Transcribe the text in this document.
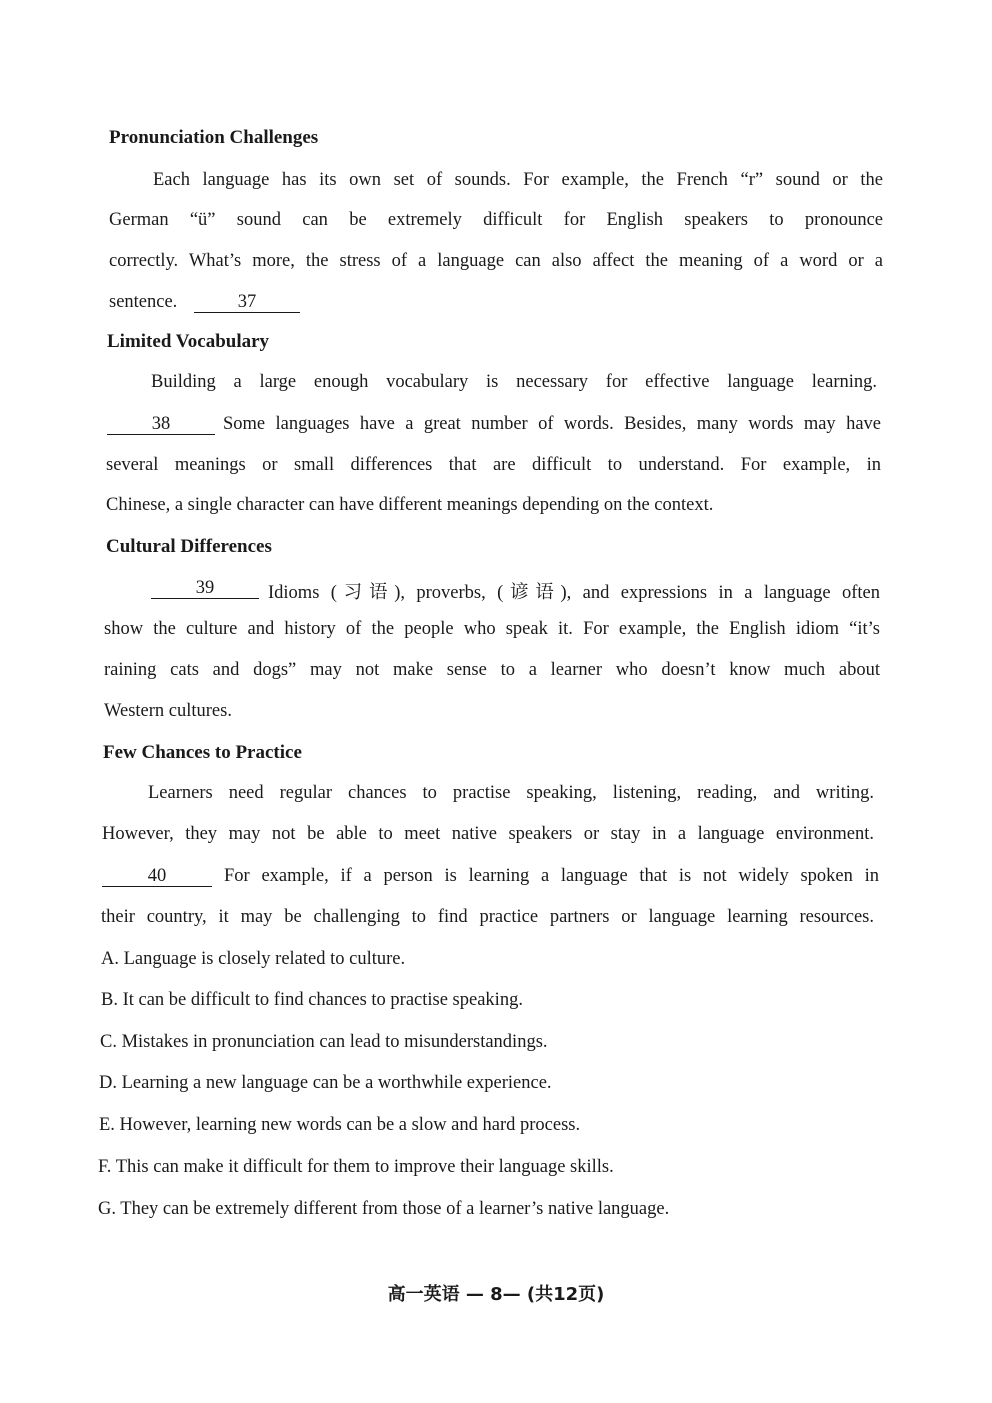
Pronunciation Challenges
Each language has its own set of sounds. For example, the French “r” sound or the
German “ü” sound can be extremely difficult for English speakers to pronounce
correctly. What’s more, the stress of a language can also affect the meaning of a word or a
sentence.	37
Limited Vocabulary
Building a large enough vocabulary is necessary for effective language learning.
38	Some languages have a great number of words. Besides, many words may have
several meanings or small differences that are difficult to understand. For example, in
Chinese, a single character can have different meanings depending on the context.
Cultural Differences
39	Idioms (习语), proverbs, (谚语), and expressions in a language often
show the culture and history of the people who speak it. For example, the English idiom “it’s
raining cats and dogs” may not make sense to a learner who doesn’t know much about
Western cultures.
Few Chances to Practice
Learners need regular chances to practise speaking, listening, reading, and writing.
However, they may not be able to meet native speakers or stay in a language environment.
40	For example, if a person is learning a language that is not widely spoken in
their country, it may be challenging to find practice partners or language learning resources.
A. Language is closely related to culture.
B. It can be difficult to find chances to practise speaking.
C. Mistakes in pronunciation can lead to misunderstandings.
D. Learning a new language can be a worthwhile experience.
E. However, learning new words can be a slow and hard process.
F. This can make it difficult for them to improve their language skills.
G. They can be extremely different from those of a learner’s native language.
高一英语 — 8— (共12页)
